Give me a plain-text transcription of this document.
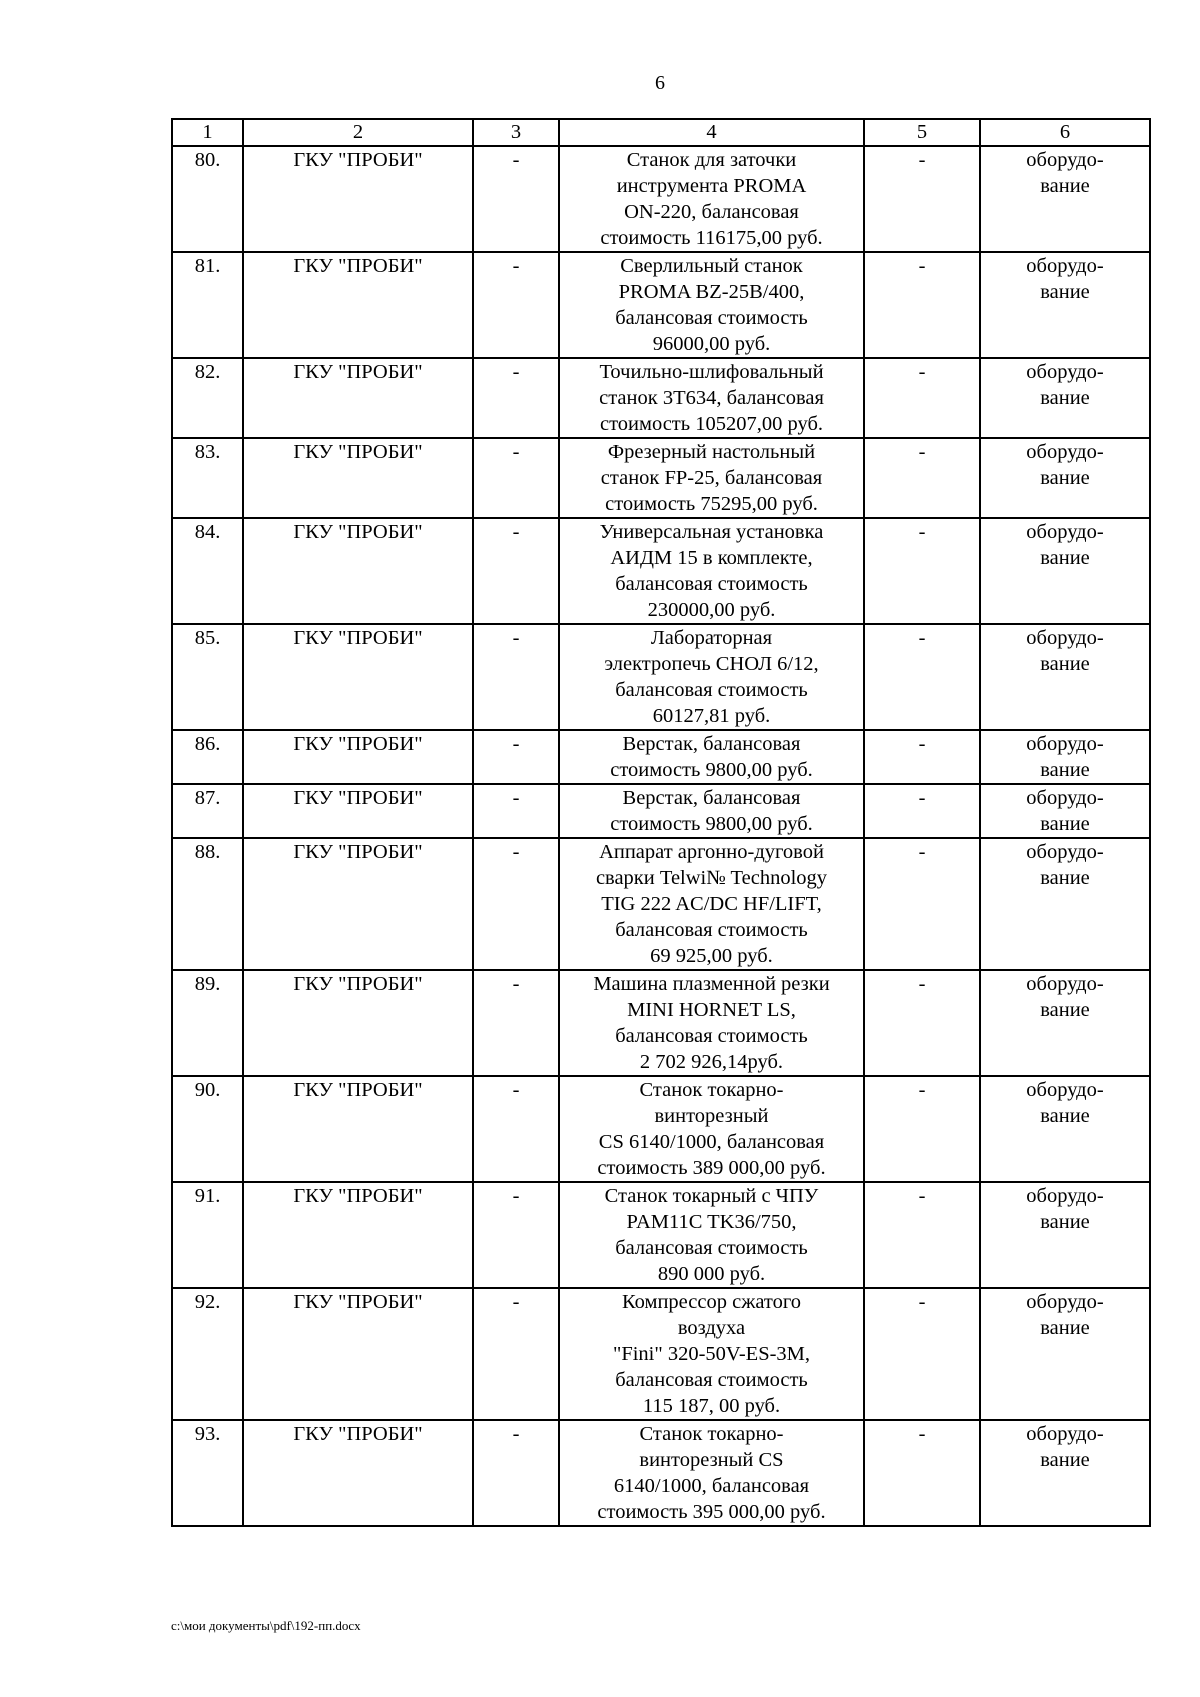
6
1	2	3	4	5	6
80.	ГКУ "ПРОБИ"	-	Станок для заточки
инструмента PROMA
ON-220, балансовая
стоимость 116175,00 руб.	-	оборудо-
вание

81.	ГКУ "ПРОБИ"	-	Сверлильный станок
PROMA BZ-25B/400,
балансовая стоимость
96000,00 руб.	-	оборудо-
вание

82.	ГКУ "ПРОБИ"	-	Точильно-шлифовальный
станок 3Т634, балансовая
стоимость 105207,00 руб.	-	оборудо-
вание

83.	ГКУ "ПРОБИ"	-	Фрезерный настольный
станок FP-25, балансовая
стоимость 75295,00 руб.	-	оборудо-
вание

84.	ГКУ "ПРОБИ"	-	Универсальная установка
АИДМ 15 в комплекте,
балансовая стоимость
230000,00 руб.	-	оборудо-
вание

85.	ГКУ "ПРОБИ"	-	Лабораторная
электропечь СНОЛ 6/12,
балансовая стоимость
60127,81 руб.	-	оборудо-
вание

86.	ГКУ "ПРОБИ"	-	Верстак, балансовая
стоимость 9800,00 руб.	-	оборудо-
вание

87.	ГКУ "ПРОБИ"	-	Верстак, балансовая
стоимость 9800,00 руб.	-	оборудо-
вание

88.	ГКУ "ПРОБИ"	-	Аппарат аргонно-дуговой
сварки Telwi№ Technology
TIG 222 AC/DC HF/LIFT,
балансовая стоимость
69 925,00 руб.	-	оборудо-
вание

89.	ГКУ "ПРОБИ"	-	Машина плазменной резки
MINI HORNET LS,
балансовая стоимость
2 702 926,14руб.	-	оборудо-
вание

90.	ГКУ "ПРОБИ"	-	Станок токарно-
винторезный
CS 6140/1000, балансовая
стоимость 389 000,00 руб.	-	оборудо-
вание

91.	ГКУ "ПРОБИ"	-	Станок токарный с ЧПУ
PAM11C TK36/750,
балансовая стоимость
890 000 руб.	-	оборудо-
вание

92.	ГКУ "ПРОБИ"	-	Компрессор сжатого
воздуха
"Fini" 320-50V-ES-3M,
балансовая стоимость
115 187, 00 руб.	-	оборудо-
вание

93.	ГКУ "ПРОБИ"	-	Станок токарно-
винторезный CS
6140/1000, балансовая
стоимость 395 000,00 руб.	-	оборудо-
вание
c:\мои документы\pdf\192-пп.docx
